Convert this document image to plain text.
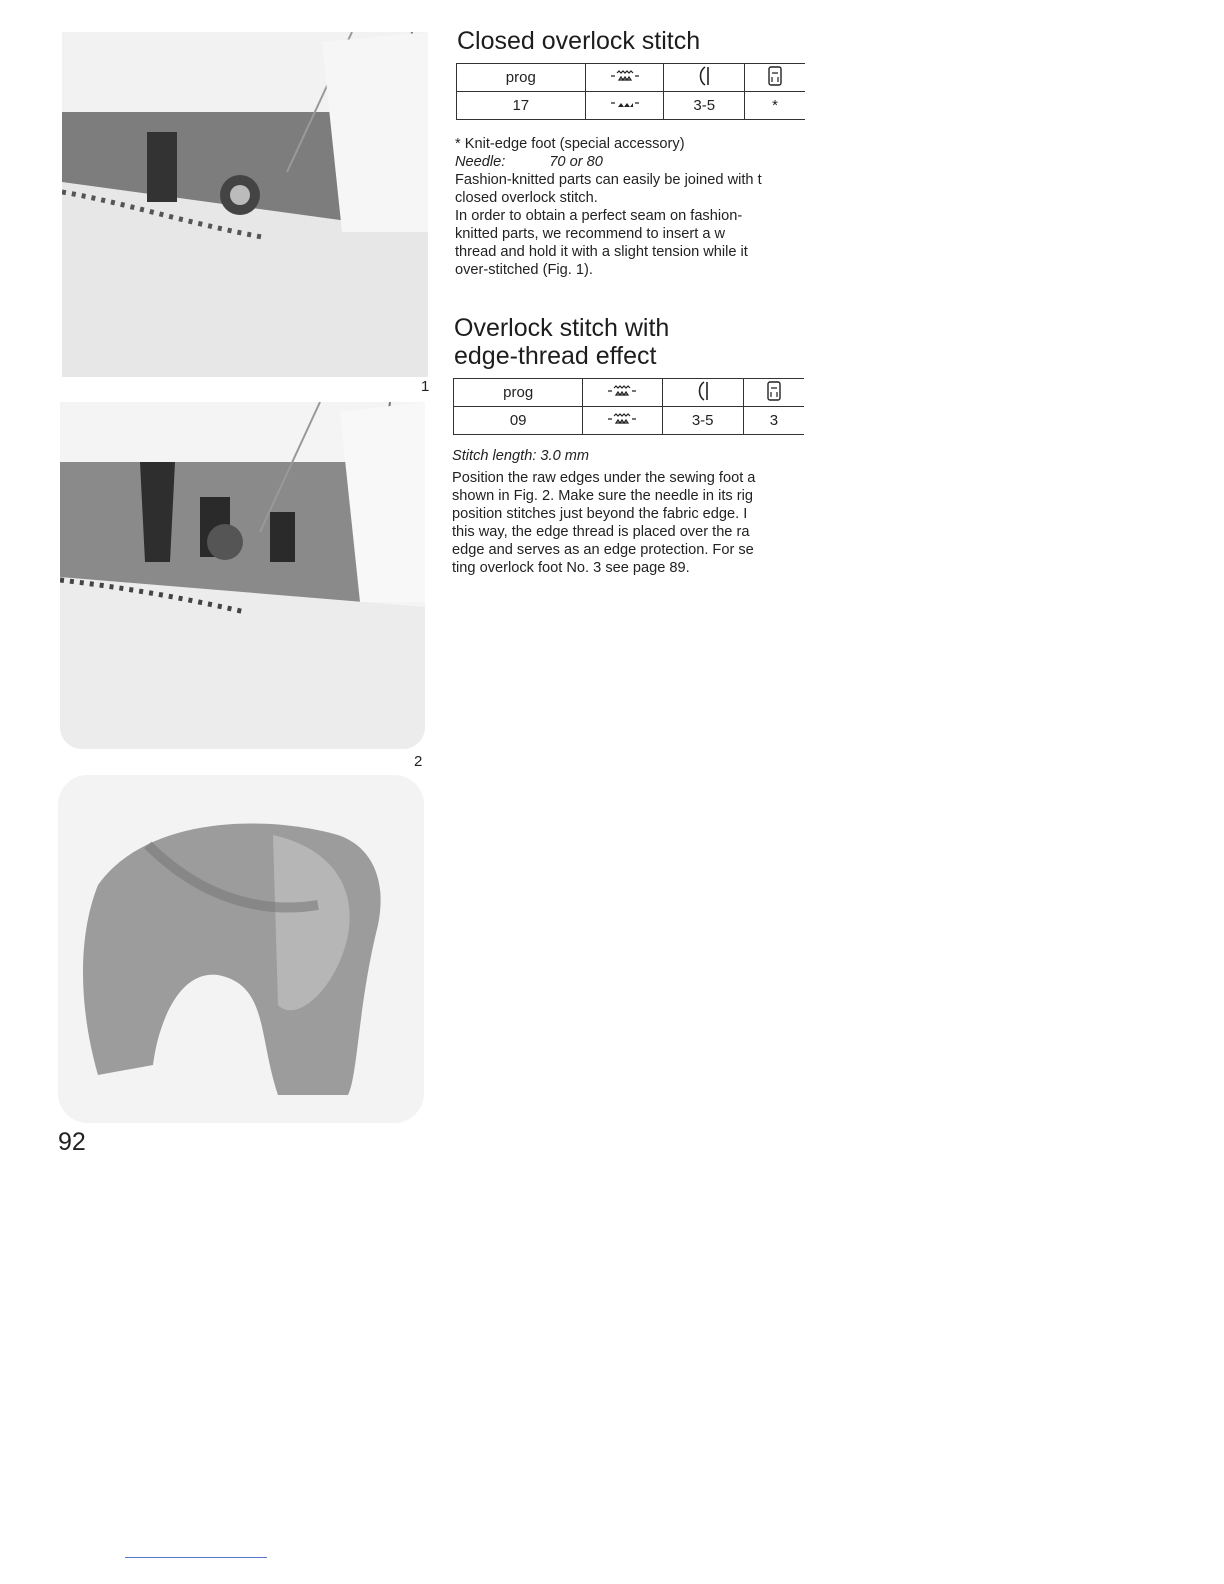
1
2
92
Closed overlock stitch
prog			
17		3-5	*
* Knit-edge foot (special accessory)
Needle:	70 or 80
Fashion-knitted parts can easily be joined with t
closed overlock stitch.
In order to obtain a perfect seam on fashion-
knitted parts, we recommend to insert a w
thread and hold it with a slight tension while it
over-stitched (Fig. 1).
Overlock stitch with
edge-thread effect
prog			
09		3-5	3
Stitch length: 3.0 mm
Position the raw edges under the sewing foot a
shown in Fig. 2. Make sure the needle in its rig
position stitches just beyond the fabric edge. I
this way, the edge thread is placed over the ra
edge and serves as an edge protection. For se
ting overlock foot No. 3 see page 89.
